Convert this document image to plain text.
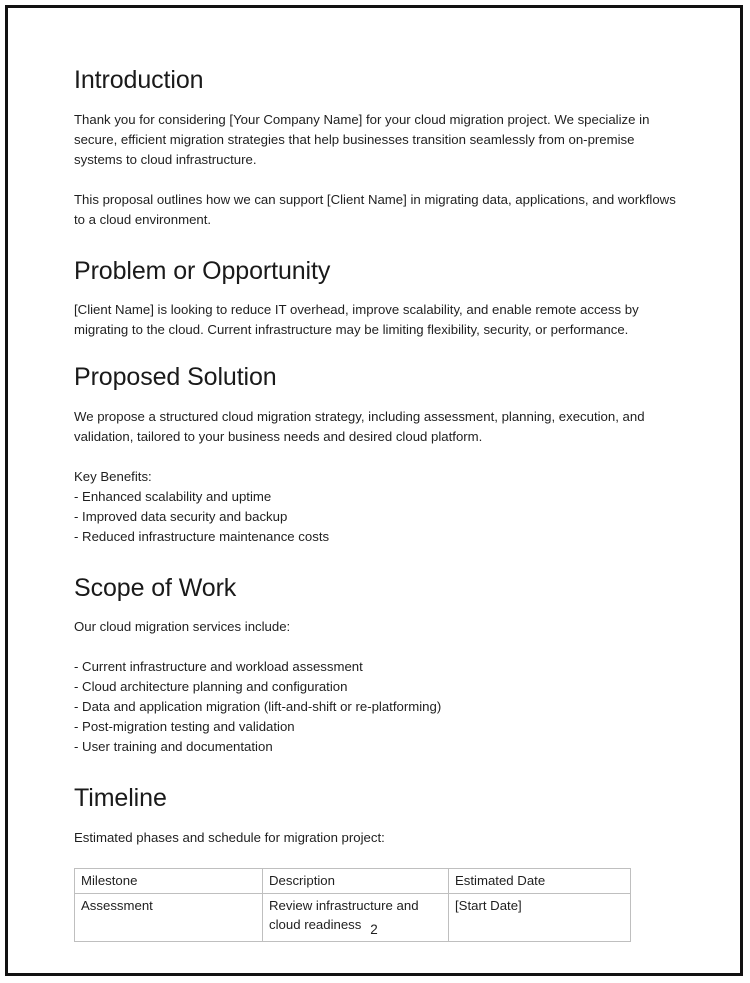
Introduction

Thank you for considering [Your Company Name] for your cloud migration project. We specialize in secure, efficient migration strategies that help businesses transition seamlessly from on-premise systems to cloud infrastructure.

This proposal outlines how we can support [Client Name] in migrating data, applications, and workflows to a cloud environment.

Problem or Opportunity

[Client Name] is looking to reduce IT overhead, improve scalability, and enable remote access by migrating to the cloud. Current infrastructure may be limiting flexibility, security, or performance.

Proposed Solution

We propose a structured cloud migration strategy, including assessment, planning, execution, and validation, tailored to your business needs and desired cloud platform.

Key Benefits:
- Enhanced scalability and uptime
- Improved data security and backup
- Reduced infrastructure maintenance costs
Scope of Work

Our cloud migration services include:

- Current infrastructure and workload assessment
- Cloud architecture planning and configuration
- Data and application migration (lift-and-shift or re-platforming)
- Post-migration testing and validation
- User training and documentation
Timeline

Estimated phases and schedule for migration project:

Milestone	Description	Estimated Date
Assessment	Review infrastructure and cloud readiness	[Start Date]
2
